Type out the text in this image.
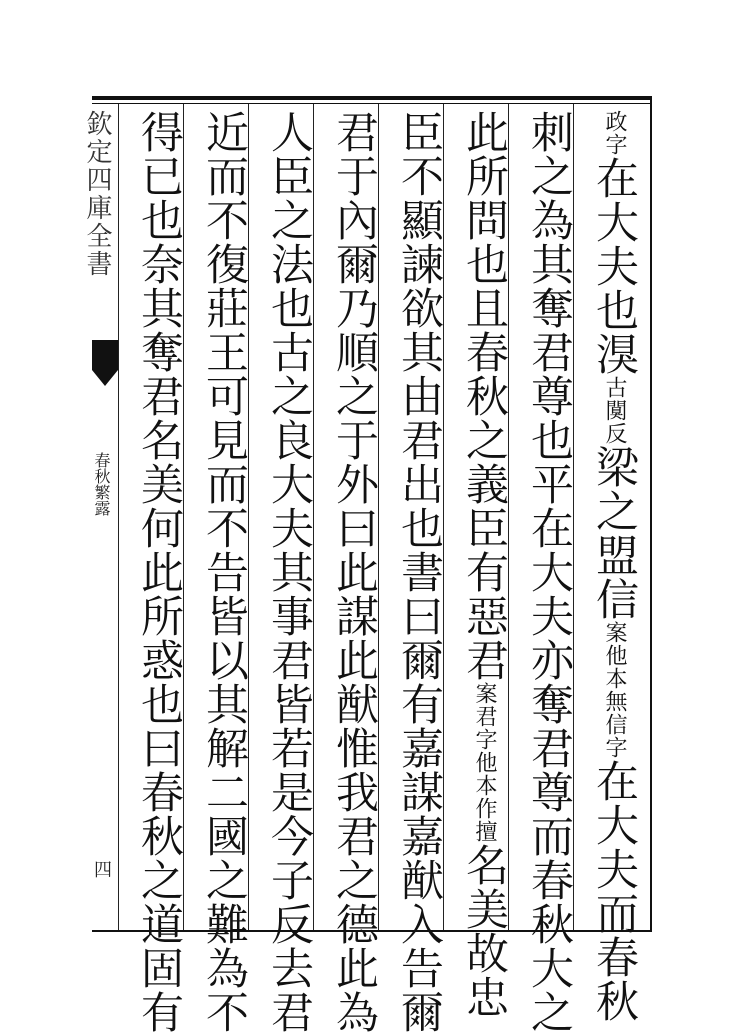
欽定四庫全書
春秋繁露
四
政字在大夫也湨古闃反梁之盟信案他本無信字在大夫而春秋
刺之為其奪君尊也平在大夫亦奪君尊而春秋大之
此所問也且春秋之義臣有惡君案君字他本作擅名美故忠
臣不顯諫欲其由君出也書曰爾有嘉謀嘉猷入告爾
君于內爾乃順之于外曰此謀此猷惟我君之德此為
人臣之法也古之良大夫其事君皆若是今子反去君
近而不復莊王可見而不告皆以其解二國之難為不
得已也奈其奪君名美何此所惑也曰春秋之道固有
